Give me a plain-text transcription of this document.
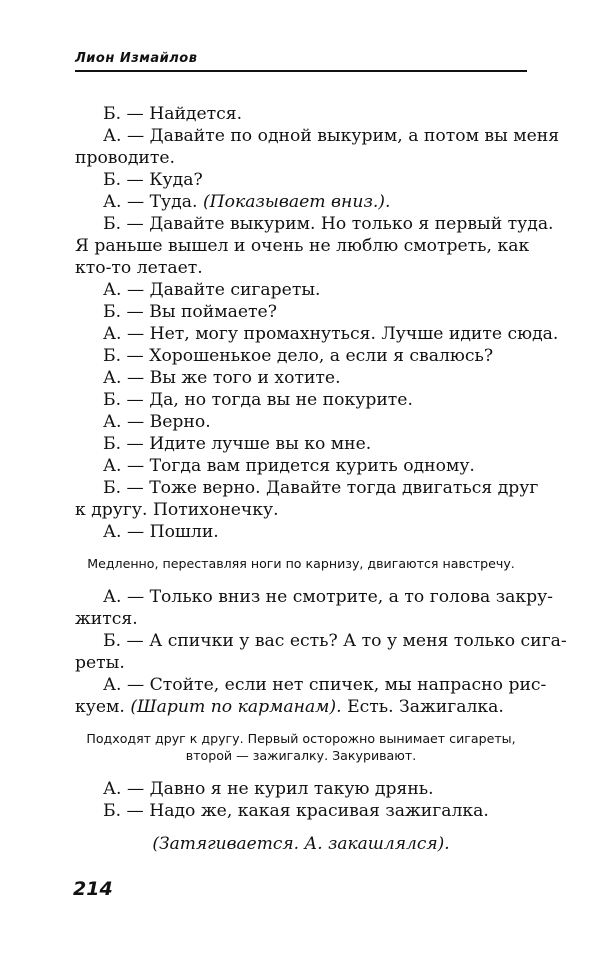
Лион Измайлов
Б. — Найдется.
А. — Давайте по одной выкурим, а потом вы меня
проводите.
Б. — Куда?
А. — Туда. (Показывает вниз.).
Б. — Давайте выкурим. Но только я первый туда.
Я раньше вышел и очень не люблю смотреть, как
кто-то летает.
А. — Давайте сигареты.
Б. — Вы поймаете?
А. — Нет, могу промахнуться. Лучше идите сюда.
Б. — Хорошенькое дело, а если я свалюсь?
А. — Вы же того и хотите.
Б. — Да, но тогда вы не покурите.
А. — Верно.
Б. — Идите лучше вы ко мне.
А. — Тогда вам придется курить одному.
Б. — Тоже верно. Давайте тогда двигаться друг
к другу. Потихонечку.
А. — Пошли.
Медленно, переставляя ноги по карнизу, двигаются навстречу.
А. — Только вниз не смотрите, а то голова закру-
жится.
Б. — А спички у вас есть? А то у меня только сига-
реты.
А. — Стойте, если нет спичек, мы напрасно рис-
куем. (Шарит по карманам). Есть. Зажигалка.
Подходят друг к другу. Первый осторожно вынимает сигареты,
второй — зажигалку. Закуривают.
А. — Давно я не курил такую дрянь.
Б. — Надо же, какая красивая зажигалка.
(Затягивается. А. закашлялся).
214
